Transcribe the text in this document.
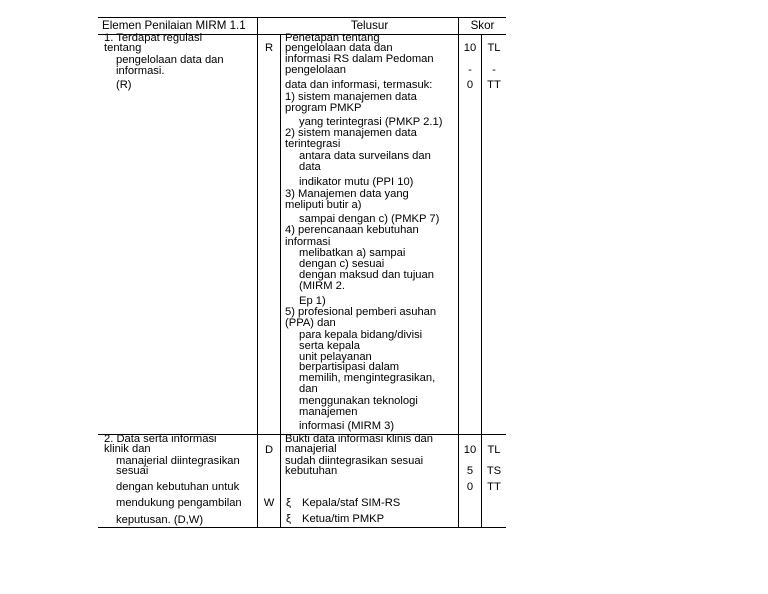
Elemen Penilaian MIRM 1.1	Telusur	Skor
1. Terdapat regulasi
tentang
pengelolaan data dan
informasi.
(R)
R
Penetapan tentang
pengelolaan data dan
informasi RS dalam Pedoman
pengelolaan
data dan informasi, termasuk:
1) sistem manajemen data
program PMKP
yang terintegrasi (PMKP 2.1)
2) sistem manajemen data
terintegrasi
antara data surveilans dan
data
indikator mutu (PPI 10)
3) Manajemen data yang
meliputi butir a)
sampai dengan c) (PMKP 7)
4) perencanaan kebutuhan
informasi
melibatkan a) sampai
dengan c) sesuai
dengan maksud dan tujuan
(MIRM 2.
Ep 1)
5) profesional pemberi asuhan
(PPA) dan
para kepala bidang/divisi
serta kepala
unit pelayanan
berpartisipasi dalam
memilih, mengintegrasikan,
dan
menggunakan teknologi
manajemen
informasi (MIRM 3)
10
-
0
TL
-
TT
2. Data serta informasi
klinik dan
manajerial diintegrasikan
sesuai
dengan kebutuhan untuk
mendukung pengambilan
keputusan. (D,W)
D
W
Bukti data informasi klinis dan
manajerial
sudah diintegrasikan sesuai
kebutuhan
ξ Kepala/staf SIM-RS
ξ Ketua/tim PMKP
10
5
0
TL
TS
TT
